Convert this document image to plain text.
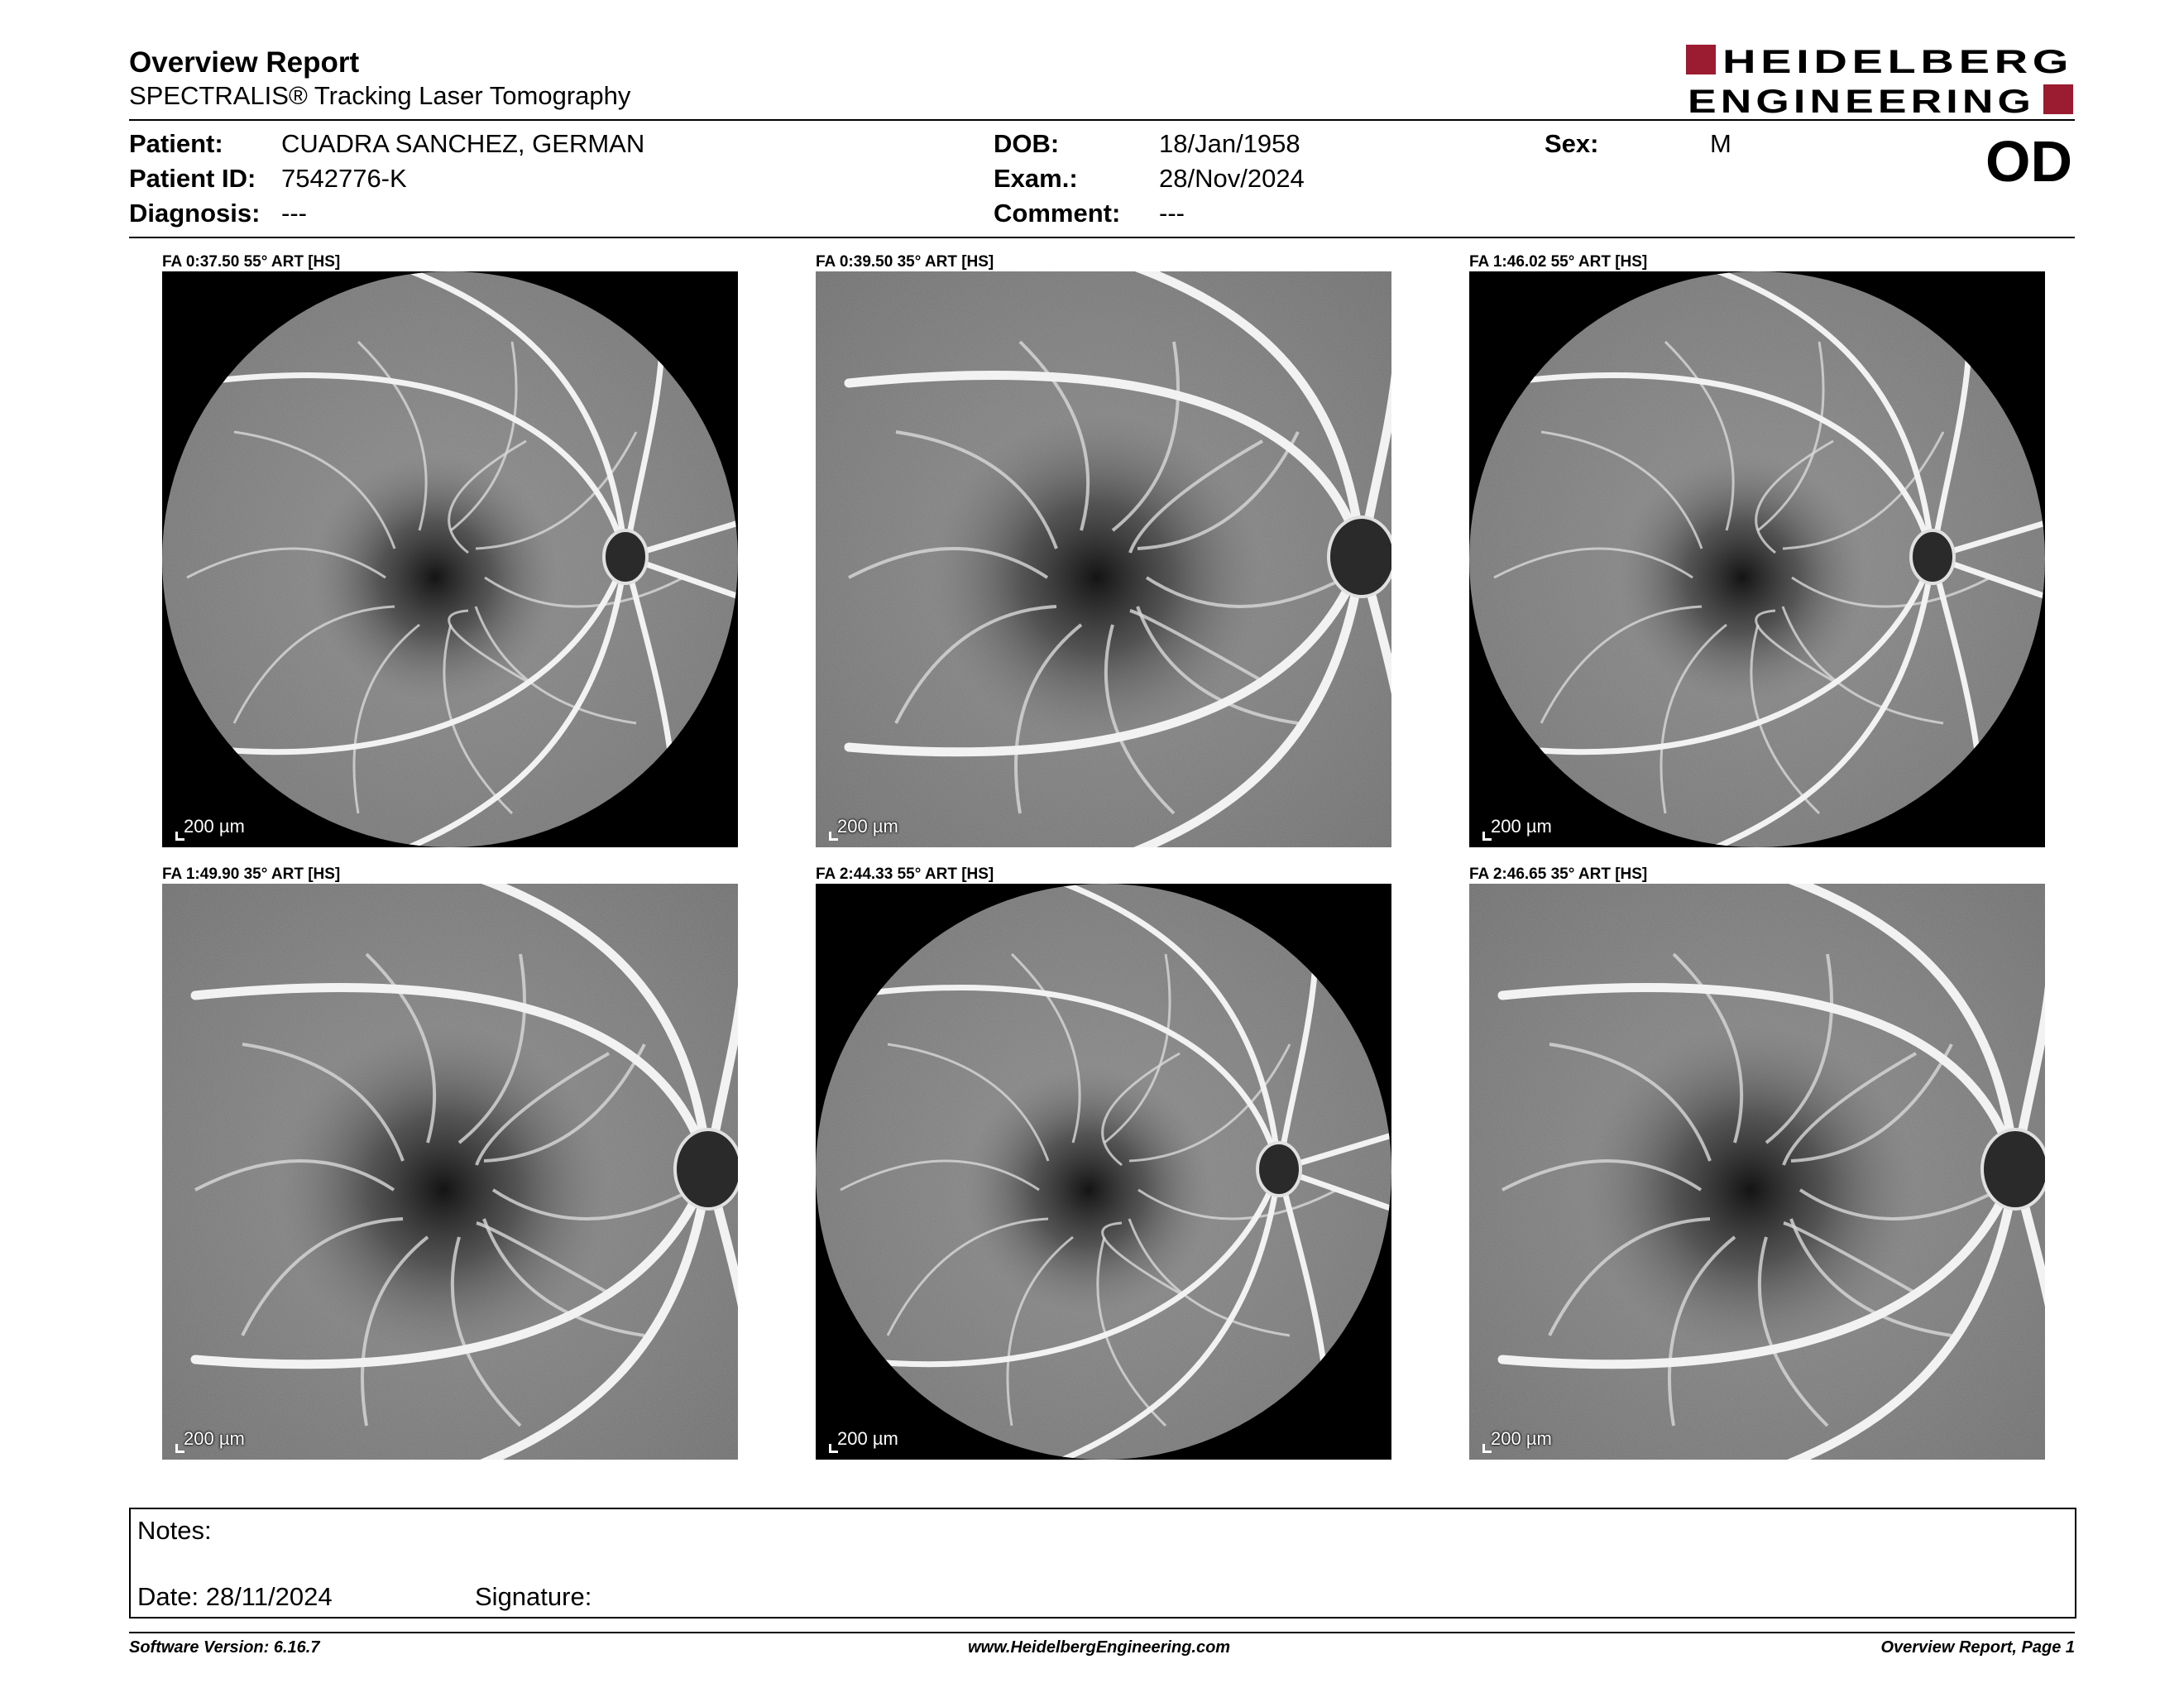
Overview Report
SPECTRALIS® Tracking Laser Tomography
HEIDELBERG
ENGINEERING
Patient: CUADRA SANCHEZ, GERMAN
Patient ID: 7542776-K
Diagnosis: ---
DOB:	18/Jan/1958
Exam.:	28/Nov/2024
Comment: ---
Sex:	M	OD
FA 0:37.50 55° ART [HS]
200 µm
FA 0:39.50 35° ART [HS]
200 µm
FA 1:46.02 55° ART [HS]
200 µm
FA 1:49.90 35° ART [HS]
200 µm
FA 2:44.33 55° ART [HS]
200 µm
FA 2:46.65 35° ART [HS]
200 µm
Notes:
Date: 28/11/2024	Signature:
Software Version: 6.16.7	www.HeidelbergEngineering.com	Overview Report, Page 1
